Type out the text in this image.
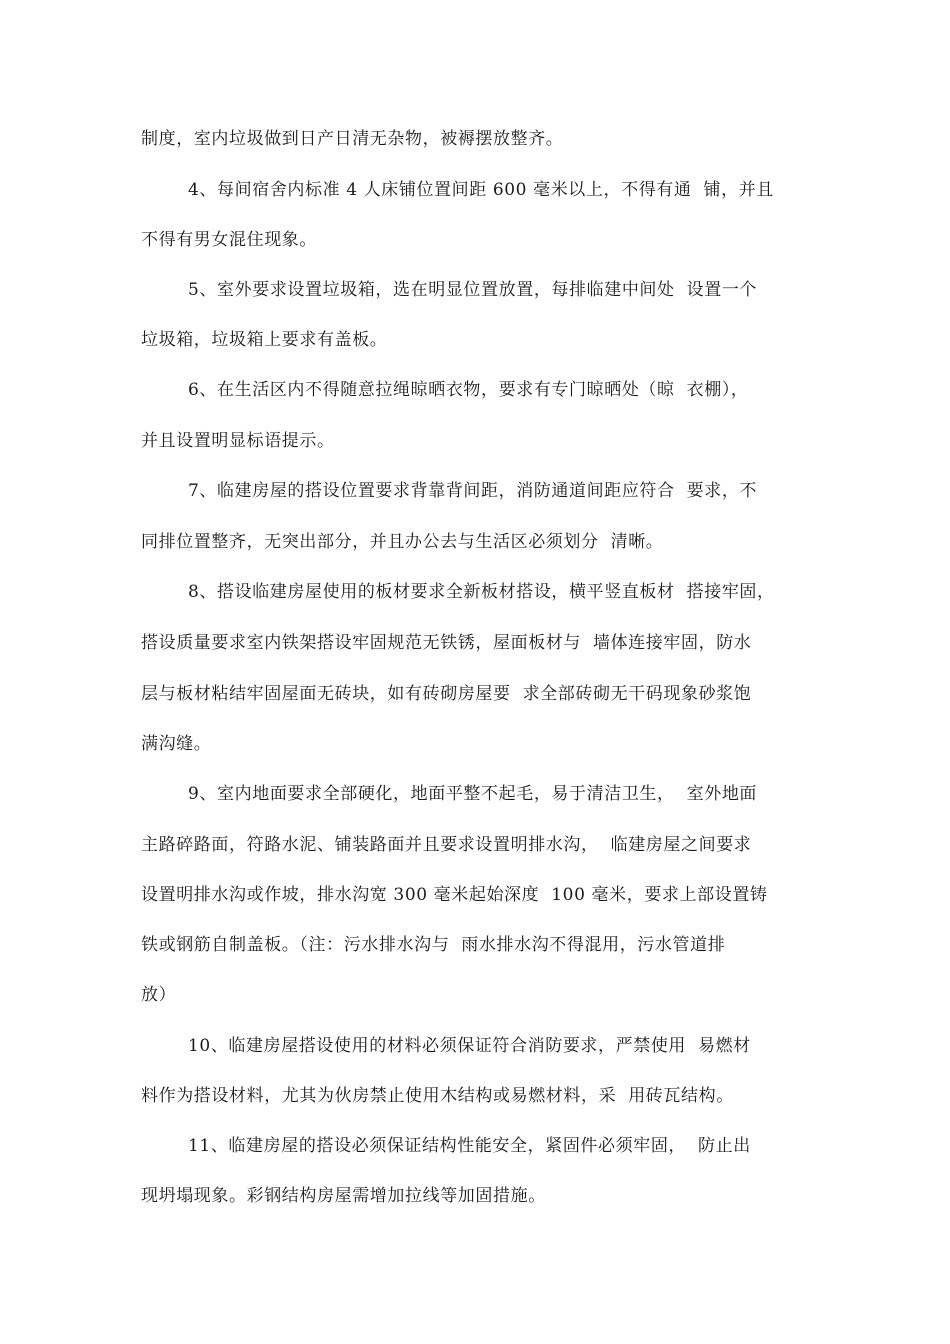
制度，室内垃圾做到日产日清无杂物，被褥摆放整齐。
4、每间宿舍内标准 4 人床铺位置间距 600 毫米以上，不得有通  铺，并且
不得有男女混住现象。
5、室外要求设置垃圾箱，选在明显位置放置，每排临建中间处  设置一个
垃圾箱，垃圾箱上要求有盖板。
6、在生活区内不得随意拉绳晾晒衣物，要求有专门晾晒处（晾  衣棚），
并且设置明显标语提示。
7、临建房屋的搭设位置要求背靠背间距，消防通道间距应符合  要求，不
同排位置整齐，无突出部分，并且办公去与生活区必须划分  清晰。
8、搭设临建房屋使用的板材要求全新板材搭设，横平竖直板材  搭接牢固，
搭设质量要求室内铁架搭设牢固规范无铁锈，屋面板材与  墙体连接牢固，防水
层与板材粘结牢固屋面无砖块，如有砖砌房屋要  求全部砖砌无干码现象砂浆饱
满沟缝。
9、室内地面要求全部硬化，地面平整不起毛，易于清洁卫生，  室外地面
主路碎路面，符路水泥、铺装路面并且要求设置明排水沟，  临建房屋之间要求
设置明排水沟或作坡，排水沟宽 300 毫米起始深度  100 毫米，要求上部设置铸
铁或钢筋自制盖板。（注：污水排水沟与  雨水排水沟不得混用，污水管道排
放）
10、临建房屋搭设使用的材料必须保证符合消防要求，严禁使用  易燃材
料作为搭设材料，尤其为伙房禁止使用木结构或易燃材料，采  用砖瓦结构。
11、临建房屋的搭设必须保证结构性能安全，紧固件必须牢固，  防止出
现坍塌现象。彩钢结构房屋需增加拉线等加固措施。
